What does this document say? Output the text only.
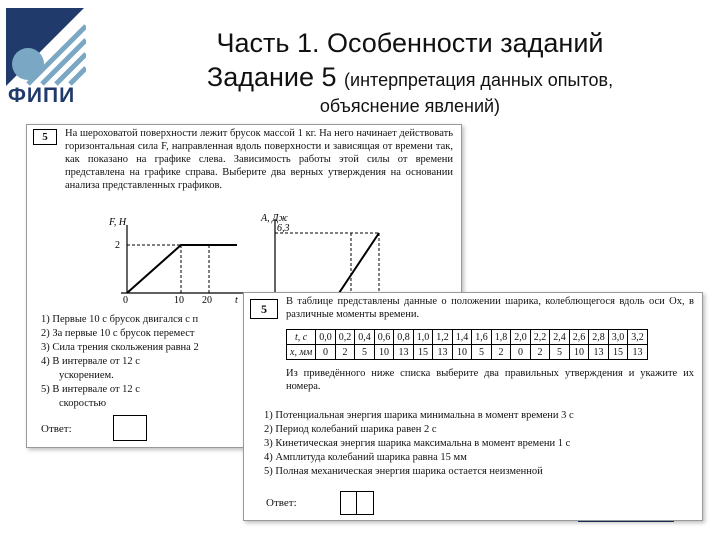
ФИПИ
Часть 1. Особенности заданий
Задание 5 (интерпретация данных опытов,
объяснение явлений)
5	На шероховатой поверхности лежит брусок массой 1 кг. На него начинает действовать горизонтальная сила F, направленная вдоль поверхности и зависящая от времени так, как показано на графике слева. Зависимость работы этой силы от времени представлена на графике справа. Выберите два верных утверждения на основании анализа представленных графиков.
F, Н
2
0	10 20 t
A, Дж
6,3
1) Первые 10 с брусок двигался с п
2) За первые 10 с брусок перемест
3) Сила трения скольжения равна 2
4) В интервале от 12 с
ускорением.
5) В интервале от 12 с
скоростью
Ответ:
5
В таблице представлены данные о положении шарика, колеблющегося вдоль оси Ox, в различные моменты времени.
t, с	0,0	0,2	0,4	0,6	0,8	1,0	1,2	1,4	1,6	1,8	2,0	2,2	2,4	2,6	2,8	3,0	3,2
x, мм	0	2	5	10	13	15	13	10	5	2	0	2	5	10	13	15	13
Из приведённого ниже списка выберите два правильных утверждения и укажите их номера.
1) Потенциальная энергия шарика минимальна в момент времени 3 с
2) Период колебаний шарика равен 2 с
3) Кинетическая энергия шарика максимальна в момент времени 1 с
4) Амплитуда колебаний шарика равна 15 мм
5) Полная механическая энергия шарика остается неизменной
Ответ:
